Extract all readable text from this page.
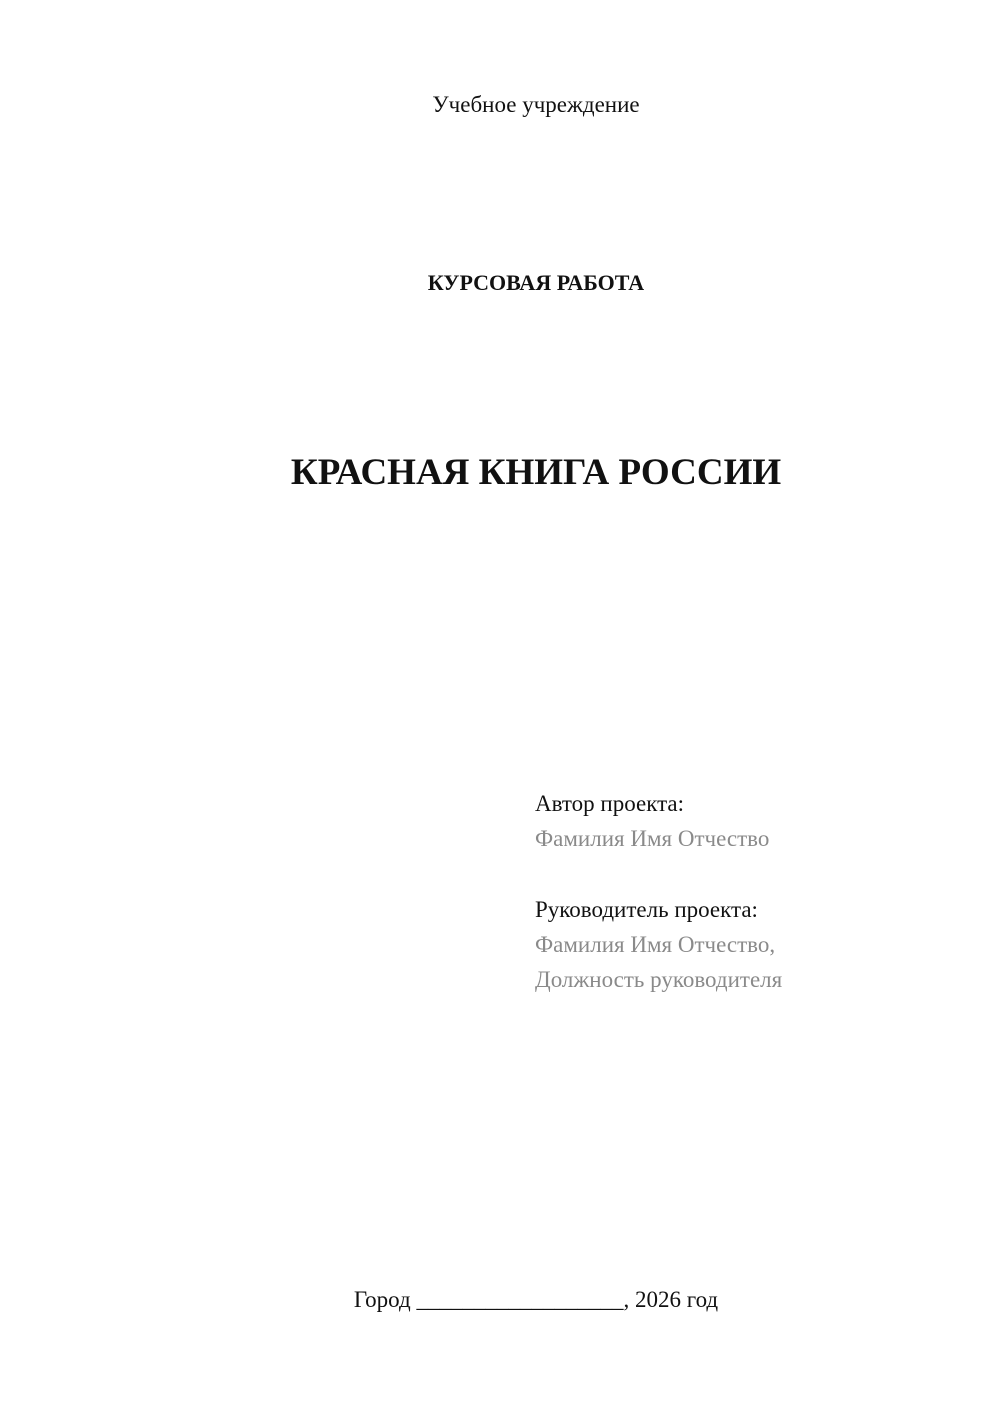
Учебное учреждение
КУРСОВАЯ РАБОТА
КРАСНАЯ КНИГА РОССИИ
Автор проекта:
Фамилия Имя Отчество
Руководитель проекта:
Фамилия Имя Отчество,
Должность руководителя
Город __________________, 2026 год
